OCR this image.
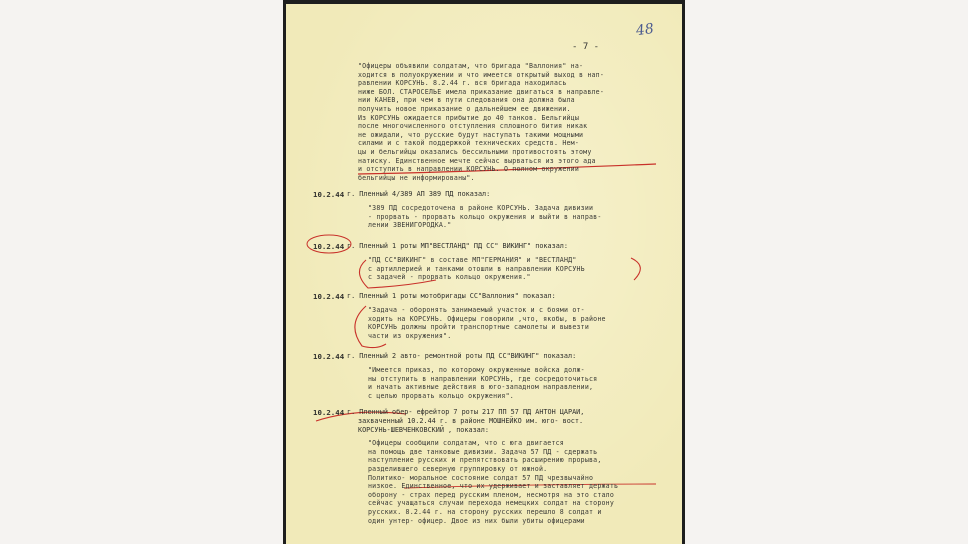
- 7 -
48
"Офицеры объявили солдатам, что бригада "Валлония" на-
ходится в полуокружении и что имеется открытый выход в нап-
равлении КОРСУНЬ. 8.2.44 г. вся бригада находилась
ниже БОЛ. СТАРОСЕЛЬЕ имела приказание двигаться в направле-
нии КАНЕВ, при чем в пути следования она должна была
получить новое приказание о дальнейшем ее движении.
Из КОРСУНЬ ожидается прибытие до 40 танков. Бельгийцы
после многочисленного отступления сплошного бития никак
не ожидали, что русские будут наступать такими мощными
силами и с такой поддержкой технических средств. Нем-
цы и бельгийцы оказались бессильными противостоять этому
натиску. Единственное мечте сейчас вырваться из этого ада
и отступить в направлении КОРСУНЬ. О полном окружении
бельгийцы не информированы".
10.2.44 г. Пленный 4/389 АП 389 ПД показал:
"389 ПД сосредоточена в районе КОРСУНЬ. Задача дивизии
- прорвать - прорвать кольцо окружения и выйти в направ-
лении ЗВЕНИГОРОДКА."
10.2.44 г. Пленный 1 роты МП"ВЕСТЛАНД" ПД СС" ВИКИНГ" показал:
"ПД СС"ВИКИНГ" в составе МП"ГЕРМАНИЯ" и "ВЕСТЛАНД"
с артиллерией и танками отошли в направлении КОРСУНЬ
с задачей - прорвать кольцо окружения."
10.2.44 г. Пленный 1 роты мотобригады СС"Валлония" показал:
"Задача - оборонять занимаемый участок и с боями от-
ходить на КОРСУНЬ. Офицеры говорили ,что, якобы, в районе
КОРСУНЬ должны пройти транспортные самолеты и вывезти
части из окружения".
10.2.44 г. Пленный 2 авто- ремонтной роты ПД СС"ВИКИНГ" показал:
"Имеется приказ, по которому окруженные войска долж-
ны отступить в направлении КОРСУНЬ, где сосредоточиться
и начать активные действия в юго-западном направлении,
с целью прорвать кольцо окружения".
10.2.44 г. Пленный обер- ефрейтор 7 роты 217 ПП 57 ПД АНТОН ЦАРАИ,
захваченный 10.2.44 г. в районе МОШНЕЙКО им. юго- вост.
КОРСУНЬ-ШЕВЧЕНКОВСКИЙ , показал:
"Офицеры сообщили солдатам, что с юга двигается
на помощь две танковые дивизии. Задача 57 ПД - сдержать
наступление русских и препятствовать расширению прорыва,
разделившего северную группировку от южной.
Политико- моральное состояние солдат 57 ПД чрезвычайно
низкое. Единственное, что их удерживает и заставляет держать
оборону - страх перед русским пленом, несмотря на это стало
сейчас учащаться случаи перехода немецких солдат на сторону
русских. 8.2.44 г. на сторону русских перешло 8 солдат и
один унтер- офицер. Двое из них были убиты офицерами
